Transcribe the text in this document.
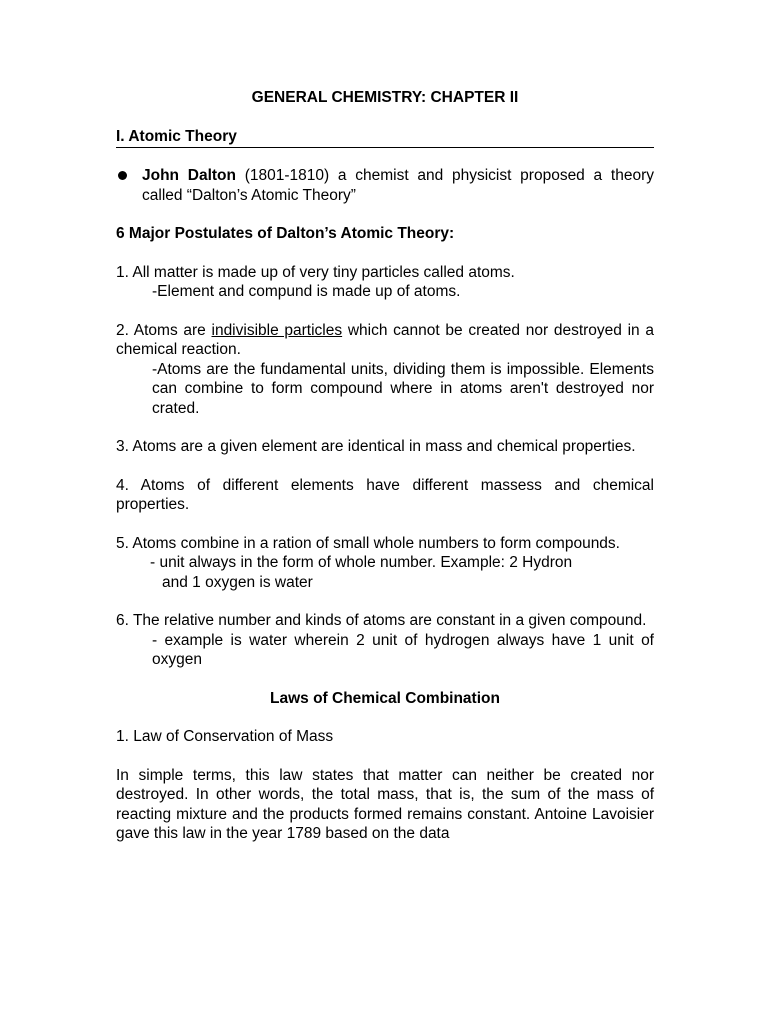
GENERAL CHEMISTRY: CHAPTER II
I. Atomic Theory
John Dalton (1801-1810) a chemist and physicist proposed a theory called “Dalton’s Atomic Theory”
6 Major Postulates of Dalton’s Atomic Theory:

1. All matter is made up of very tiny particles called atoms.

-Element and compund is made up of atoms.

2. Atoms are indivisible particles which cannot be created nor destroyed in a chemical reaction.

-Atoms are the fundamental units, dividing them is impossible. Elements can combine to form compound where in atoms aren't destroyed nor crated.

3. Atoms are a given element are identical in mass and chemical properties.

4. Atoms of different elements have different massess and chemical properties.

5. Atoms combine in a ration of small whole numbers to form compounds.

- unit always in the form of whole number. Example: 2 Hydron

and 1 oxygen is water

6. The relative number and kinds of atoms are constant in a given compound.

- example is water wherein 2 unit of hydrogen always have 1 unit of oxygen

Laws of Chemical Combination
1. Law of Conservation of Mass

In simple terms, this law states that matter can neither be created nor destroyed. In other words, the total mass, that is, the sum of the mass of reacting mixture and the products formed remains constant. Antoine Lavoisier gave this law in the year 1789 based on the data
